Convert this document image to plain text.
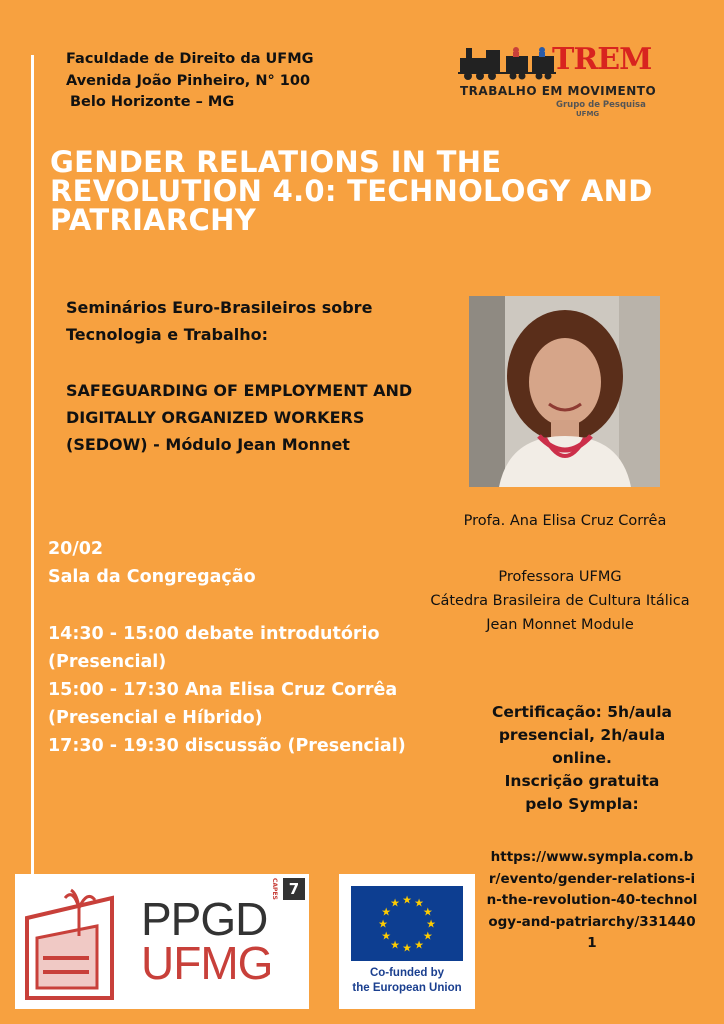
Faculdade de Direito da UFMG
Avenida João Pinheiro, N° 100
Belo Horizonte – MG
TREM
TRABALHO EM MOVIMENTO
Grupo de Pesquisa
UFMG
GENDER RELATIONS IN THE REVOLUTION 4.0: TECHNOLOGY AND PATRIARCHY
Seminários Euro-Brasileiros sobre Tecnologia e Trabalho:
SAFEGUARDING OF EMPLOYMENT AND DIGITALLY ORGANIZED WORKERS (SEDOW) - Módulo Jean Monnet
Profa. Ana Elisa Cruz Corrêa
Professora UFMG
Cátedra Brasileira de Cultura Itálica
Jean Monnet Module
20/02
Sala da Congregação
14:30 - 15:00 debate introdutório (Presencial)
15:00 - 17:30 Ana Elisa Cruz Corrêa (Presencial e Híbrido)
17:30 - 19:30 discussão (Presencial)
Certificação: 5h/aula presencial, 2h/aula online.
Inscrição gratuita pelo Sympla:
https://www.sympla.com.br/evento/gender-relations-in-the-revolution-40-technology-and-patriarchy/3314401
PPGD
UFMG
CAPES 7
★ ★
★
★
★
★
★
★
★
★
★
★
Co-funded by
the European Union
